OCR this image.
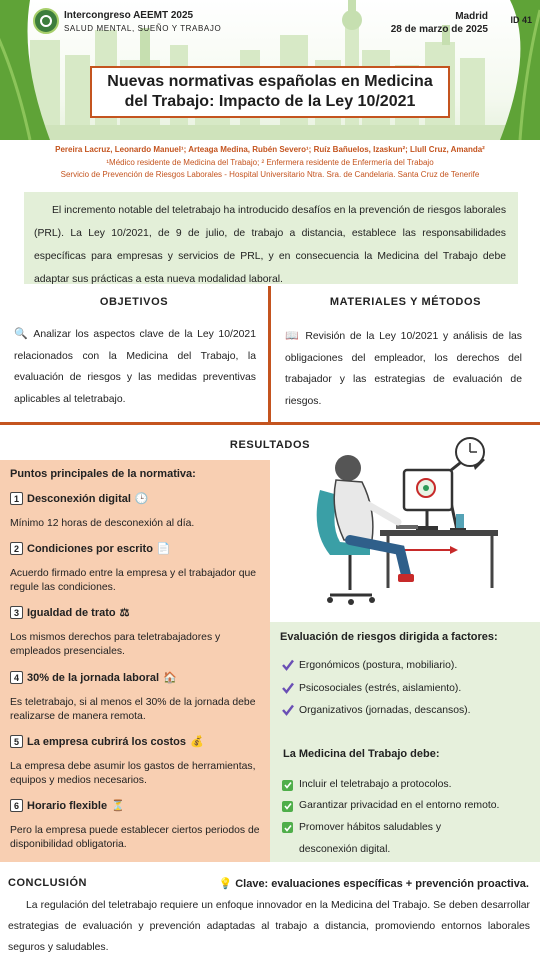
Intercongreso AEEMT 2025
SALUD MENTAL, SUEÑO Y TRABAJO
Madrid
28 de marzo de 2025
ID 41
Nuevas normativas españolas en Medicina
del Trabajo: Impacto de la Ley 10/2021
Pereira Lacruz, Leonardo Manuel¹; Arteaga Medina, Rubén Severo¹; Ruíz Bañuelos, Izaskun²; Llull Cruz, Amanda²
¹Médico residente de Medicina del Trabajo; ² Enfermera residente de Enfermería del Trabajo
Servicio de Prevención de Riesgos Laborales - Hospital Universitario Ntra. Sra. de Candelaria. Santa Cruz de Tenerife

El incremento notable del teletrabajo ha introducido desafíos en la prevención de riesgos laborales (PRL). La Ley 10/2021, de 9 de julio, de trabajo a distancia, establece las responsabilidades específicas para empresas y servicios de PRL, y en consecuencia la Medicina del Trabajo debe adaptar sus prácticas a esta nueva modalidad laboral.

OBJETIVOS	MATERIALES Y MÉTODOS
🔍 Analizar los aspectos clave de la Ley 10/2021 relacionados con la Medicina del Trabajo, la evaluación de riesgos y las medidas preventivas aplicables al teletrabajo.
📖 Revisión de la Ley 10/2021 y análisis de las obligaciones del empleador, los derechos del trabajador y las estrategias de evaluación de riesgos.
RESULTADOS
Puntos principales de la normativa:
1 Desconexión digital 🕒
Mínimo 12 horas de desconexión al día.
2 Condiciones por escrito 📄
Acuerdo firmado entre la empresa y el trabajador que regule las condiciones.
3 Igualdad de trato ⚖
Los mismos derechos para teletrabajadores y empleados presenciales.
4 30% de la jornada laboral 🏠
Es teletrabajo, si al menos el 30% de la jornada debe realizarse de manera remota.
5 La empresa cubrirá los costos 💰
La empresa debe asumir los gastos de herramientas, equipos y medios necesarios.
6 Horario flexible ⏳
Pero la empresa puede establecer ciertos periodos de disponibilidad obligatoria.
Evaluación de riesgos dirigida a factores:
Ergonómicos (postura, mobiliario).
Psicosociales (estrés, aislamiento).
Organizativos (jornadas, descansos).
La Medicina del Trabajo debe:
Incluir el teletrabajo a protocolos.
Garantizar privacidad en el entorno remoto.
Promover hábitos saludables y desconexión digital.
CONCLUSIÓN	💡 Clave: evaluaciones específicas + prevención proactiva.

La regulación del teletrabajo requiere un enfoque innovador en la Medicina del Trabajo. Se deben desarrollar estrategias de evaluación y prevención adaptadas al trabajo a distancia, promoviendo entornos laborales seguros y saludables.
